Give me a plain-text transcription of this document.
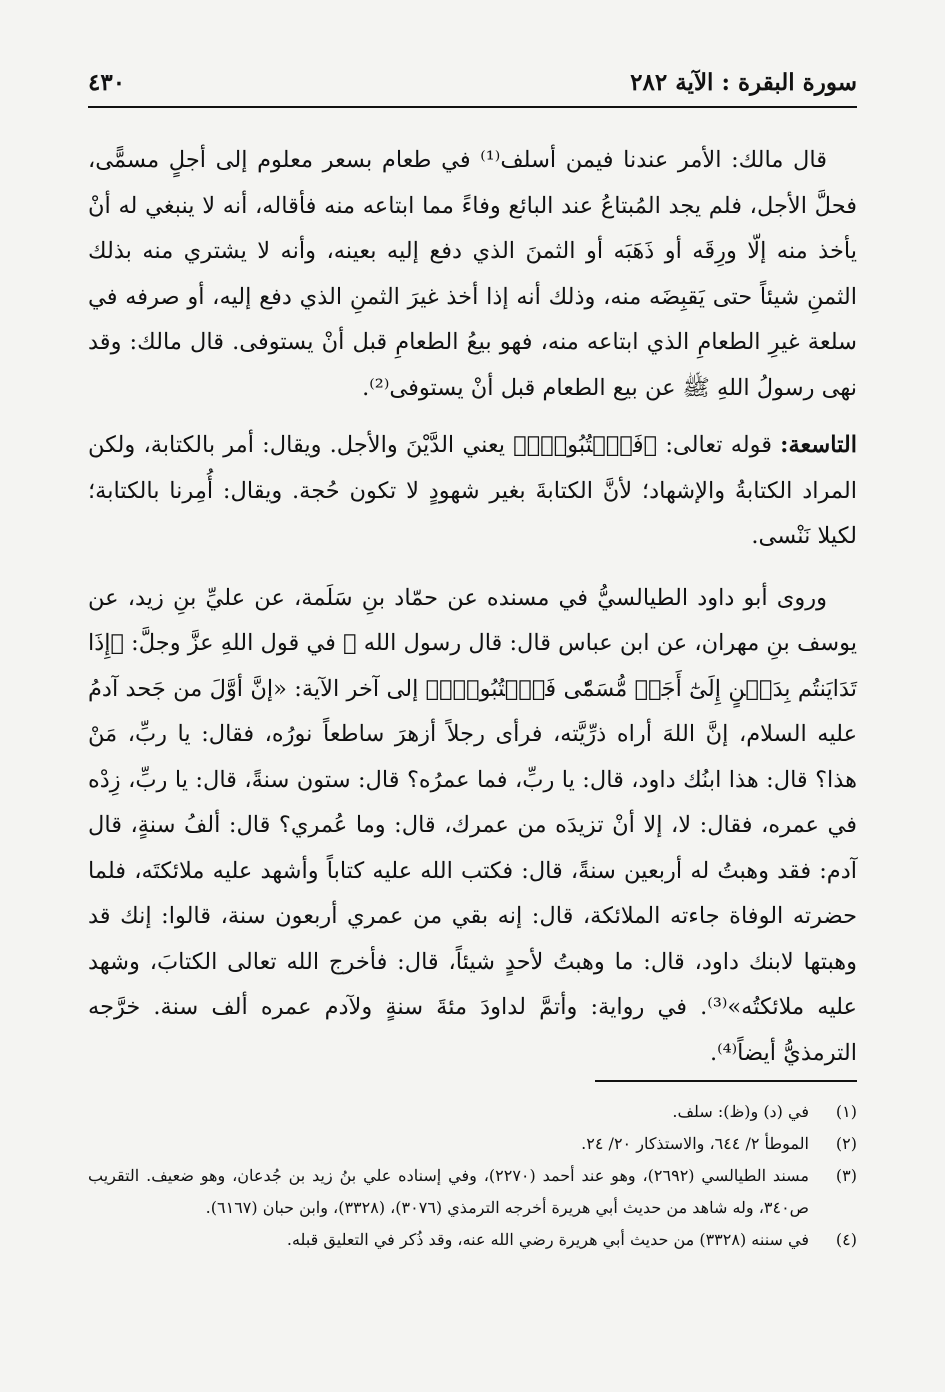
سورة البقرة : الآية ٢٨٢
٤٣٠

قال مالك: الأمر عندنا فيمن أسلف⁽¹⁾ في طعام بسعر معلوم إلى أجلٍ مسمًّى، فحلَّ الأجل، فلم يجد المُبتاعُ عند البائع وفاءً مما ابتاعه منه فأقاله، أنه لا ينبغي له أنْ يأخذ منه إلّا ورِقَه أو ذَهَبَه أو الثمنَ الذي دفع إليه بعينه، وأنه لا يشتري منه بذلك الثمنِ شيئاً حتى يَقبِضَه منه، وذلك أنه إذا أخذ غيرَ الثمنِ الذي دفع إليه، أو صرفه في سلعة غيرِ الطعامِ الذي ابتاعه منه، فهو بيعُ الطعامِ قبل أنْ يستوفى. قال مالك: وقد نهى رسولُ اللهِ ﷺ عن بيع الطعام قبل أنْ يستوفى⁽²⁾.

التاسعة: قوله تعالى: ﴿فَٱكۡتُبُوهُۚ﴾ يعني الدَّيْنَ والأجل. ويقال: أمر بالكتابة، ولكن المراد الكتابةُ والإشهاد؛ لأنَّ الكتابةَ بغير شهودٍ لا تكون حُجة. ويقال: أُمِرنا بالكتابة؛ لكيلا نَنْسى.

وروى أبو داود الطيالسيُّ في مسنده عن حمّاد بنِ سَلَمة، عن عليِّ بنِ زيد، عن يوسف بنِ مهران، عن ابن عباس قال: قال رسول الله ﷺ في قول اللهِ عزَّ وجلَّ: ﴿إِذَا تَدَايَنتُم بِدَيۡنٍ إِلَىٰٓ أَجَلٖ مُّسَمّٗى فَٱكۡتُبُوهُۚ﴾ إلى آخر الآية: «إنَّ أوَّلَ من جَحد آدمُ عليه السلام، إنَّ اللهَ أراه ذرِّيَّته، فرأى رجلاً أزهرَ ساطعاً نورُه، فقال: يا ربِّ، مَنْ هذا؟ قال: هذا ابنُك داود، قال: يا ربِّ، فما عمرُه؟ قال: ستون سنةً، قال: يا ربِّ، زِدْه في عمره، فقال: لا، إلا أنْ تزيدَه من عمرك، قال: وما عُمري؟ قال: ألفُ سنةٍ، قال آدم: فقد وهبتُ له أربعين سنةً، قال: فكتب الله عليه كتاباً وأشهد عليه ملائكتَه، فلما حضرته الوفاة جاءته الملائكة، قال: إنه بقي من عمري أربعون سنة، قالوا: إنك قد وهبتها لابنك داود، قال: ما وهبتُ لأحدٍ شيئاً، قال: فأخرج الله تعالى الكتابَ، وشهد عليه ملائكتُه»⁽³⁾. في رواية: وأتمَّ لداودَ مئةَ سنةٍ ولآدم عمره ألف سنة. خرَّجه الترمذيُّ أيضاً⁽⁴⁾.

(١)
في (د) و(ظ): سلف.
(٢)
الموطأ ٢/ ٦٤٤، والاستذكار ٢٠/ ٢٤.
(٣)
مسند الطيالسي (٢٦٩٢)، وهو عند أحمد (٢٢٧٠)، وفي إسناده علي بنُ زيد بن جُدعان، وهو ضعيف. التقريب ص٣٤٠، وله شاهد من حديث أبي هريرة أخرجه الترمذي (٣٠٧٦)، (٣٣٢٨)، وابن حبان (٦١٦٧).
(٤)
في سننه (٣٣٢٨) من حديث أبي هريرة رضي الله عنه، وقد ذُكر في التعليق قبله.
